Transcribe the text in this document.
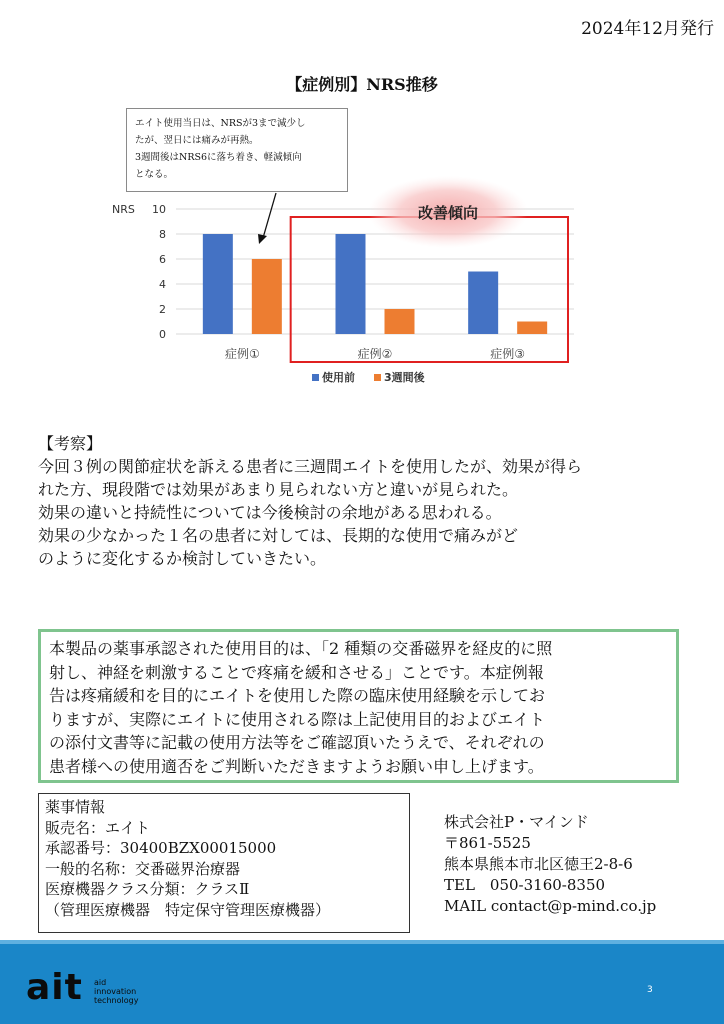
2024年12月発行
【症例別】NRS推移
エイト使用当日は、NRSが3まで減少し
たが、翌日には痛みが再熱。
3週間後はNRS6に落ち着き、軽減傾向
となる。
0
2
4
6
8
10
NRS
症例①	症例②	症例③
改善傾向
使用前	3週間後
【考察】
今回３例の関節症状を訴える患者に三週間エイトを使用したが、効果が得ら
れた方、現段階では効果があまり見られない方と違いが見られた。
効果の違いと持続性については今後検討の余地がある思われる。
効果の少なかった１名の患者に対しては、長期的な使用で痛みがど
のように変化するか検討していきたい。
本製品の薬事承認された使用目的は、「2 種類の交番磁界を経皮的に照
射し、神経を刺激することで疼痛を緩和させる」ことです。本症例報
告は疼痛緩和を目的にエイトを使用した際の臨床使用経験を示してお
りますが、実際にエイトに使用される際は上記使用目的およびエイト
の添付文書等に記載の使用方法等をご確認頂いたうえで、それぞれの
患者様への使用適否をご判断いただきますようお願い申し上げます。
薬事情報
販売名：エイト
承認番号：30400BZX00015000
一般的名称：交番磁界治療器
医療機器クラス分類：クラスⅡ
（管理医療機器　特定保守管理医療機器）
株式会社P・マインド
〒861-5525
熊本県熊本市北区徳王2-8-6
TEL　050-3160-8350
MAIL contact@p-mind.co.jp
ait aid
innovation
technology
3
